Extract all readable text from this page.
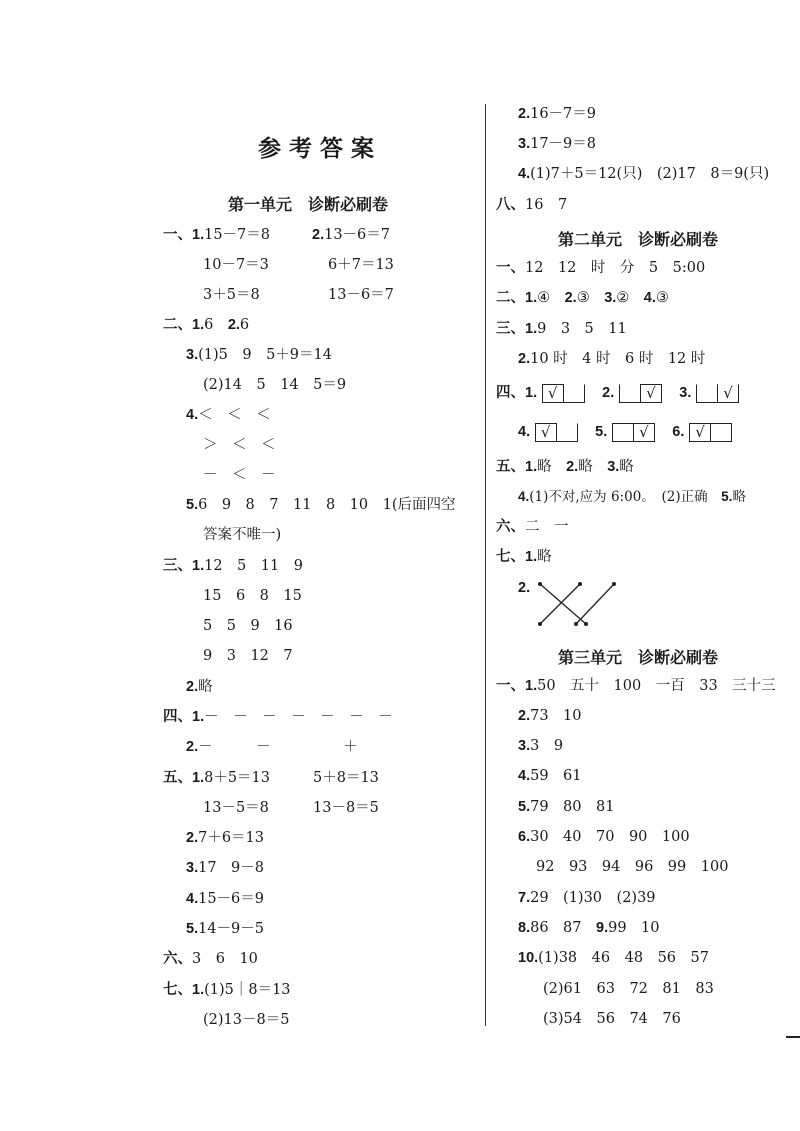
参考答案
第一单元　诊断必刷卷
一、1.15－7＝8	2.13－6＝7
10－7＝3	6＋7＝13
3＋5＝8	13－6＝7
二、1.6　2.6
3.(1)5　9　5＋9＝14
(2)14　5　14　5＝9
4.＜　＜　＜
＞　＜　＜
－　＜　－
5.6　9　8　7　11　8　10　1(后面四空
答案不唯一)
三、1.12　5　11　9
15　6　8　15
5　5　9　16
9　3　12　7
2.略
四、1.－　－　－　－　－　－　－
2.－　　　－　　　　　＋
五、1.8＋5＝13	5＋8＝13
13－5＝8	13－8＝5
2.7＋6＝13
3.17　9－8
4.15－6＝9
5.14－9－5
六、3　6　10
七、1.(1)5｜8＝13
(2)13－8＝5
2.16－7＝9
3.17－9＝8
4.(1)7＋5＝12(只)　(2)17　8＝9(只)
八、16　7
第二单元　诊断必刷卷
一、12　12　时　分　5　5:00
二、1.④　2.③　3.②　4.③
三、1.9　3　5　11
2.10 时　4 时　6 时　12 时
四、1. √	2. √ 3. √
4. √	5. √ 6. √
五、1.略　2.略　3.略
4.(1)不对,应为 6:00。　(2)正确　5.略
六、二　一
七、1.略
2.
第三单元　诊断必刷卷
一、1.50　五十　100　一百　33　三十三
2.73　10
3.3　9
4.59　61
5.79　80　81
6.30　40　70　90　100
92　93　94　96　99　100
7.29　(1)30　(2)39
8.86　87　9.99　10
10.(1)38　46　48　56　57
(2)61　63　72　81　83
(3)54　56　74　76
